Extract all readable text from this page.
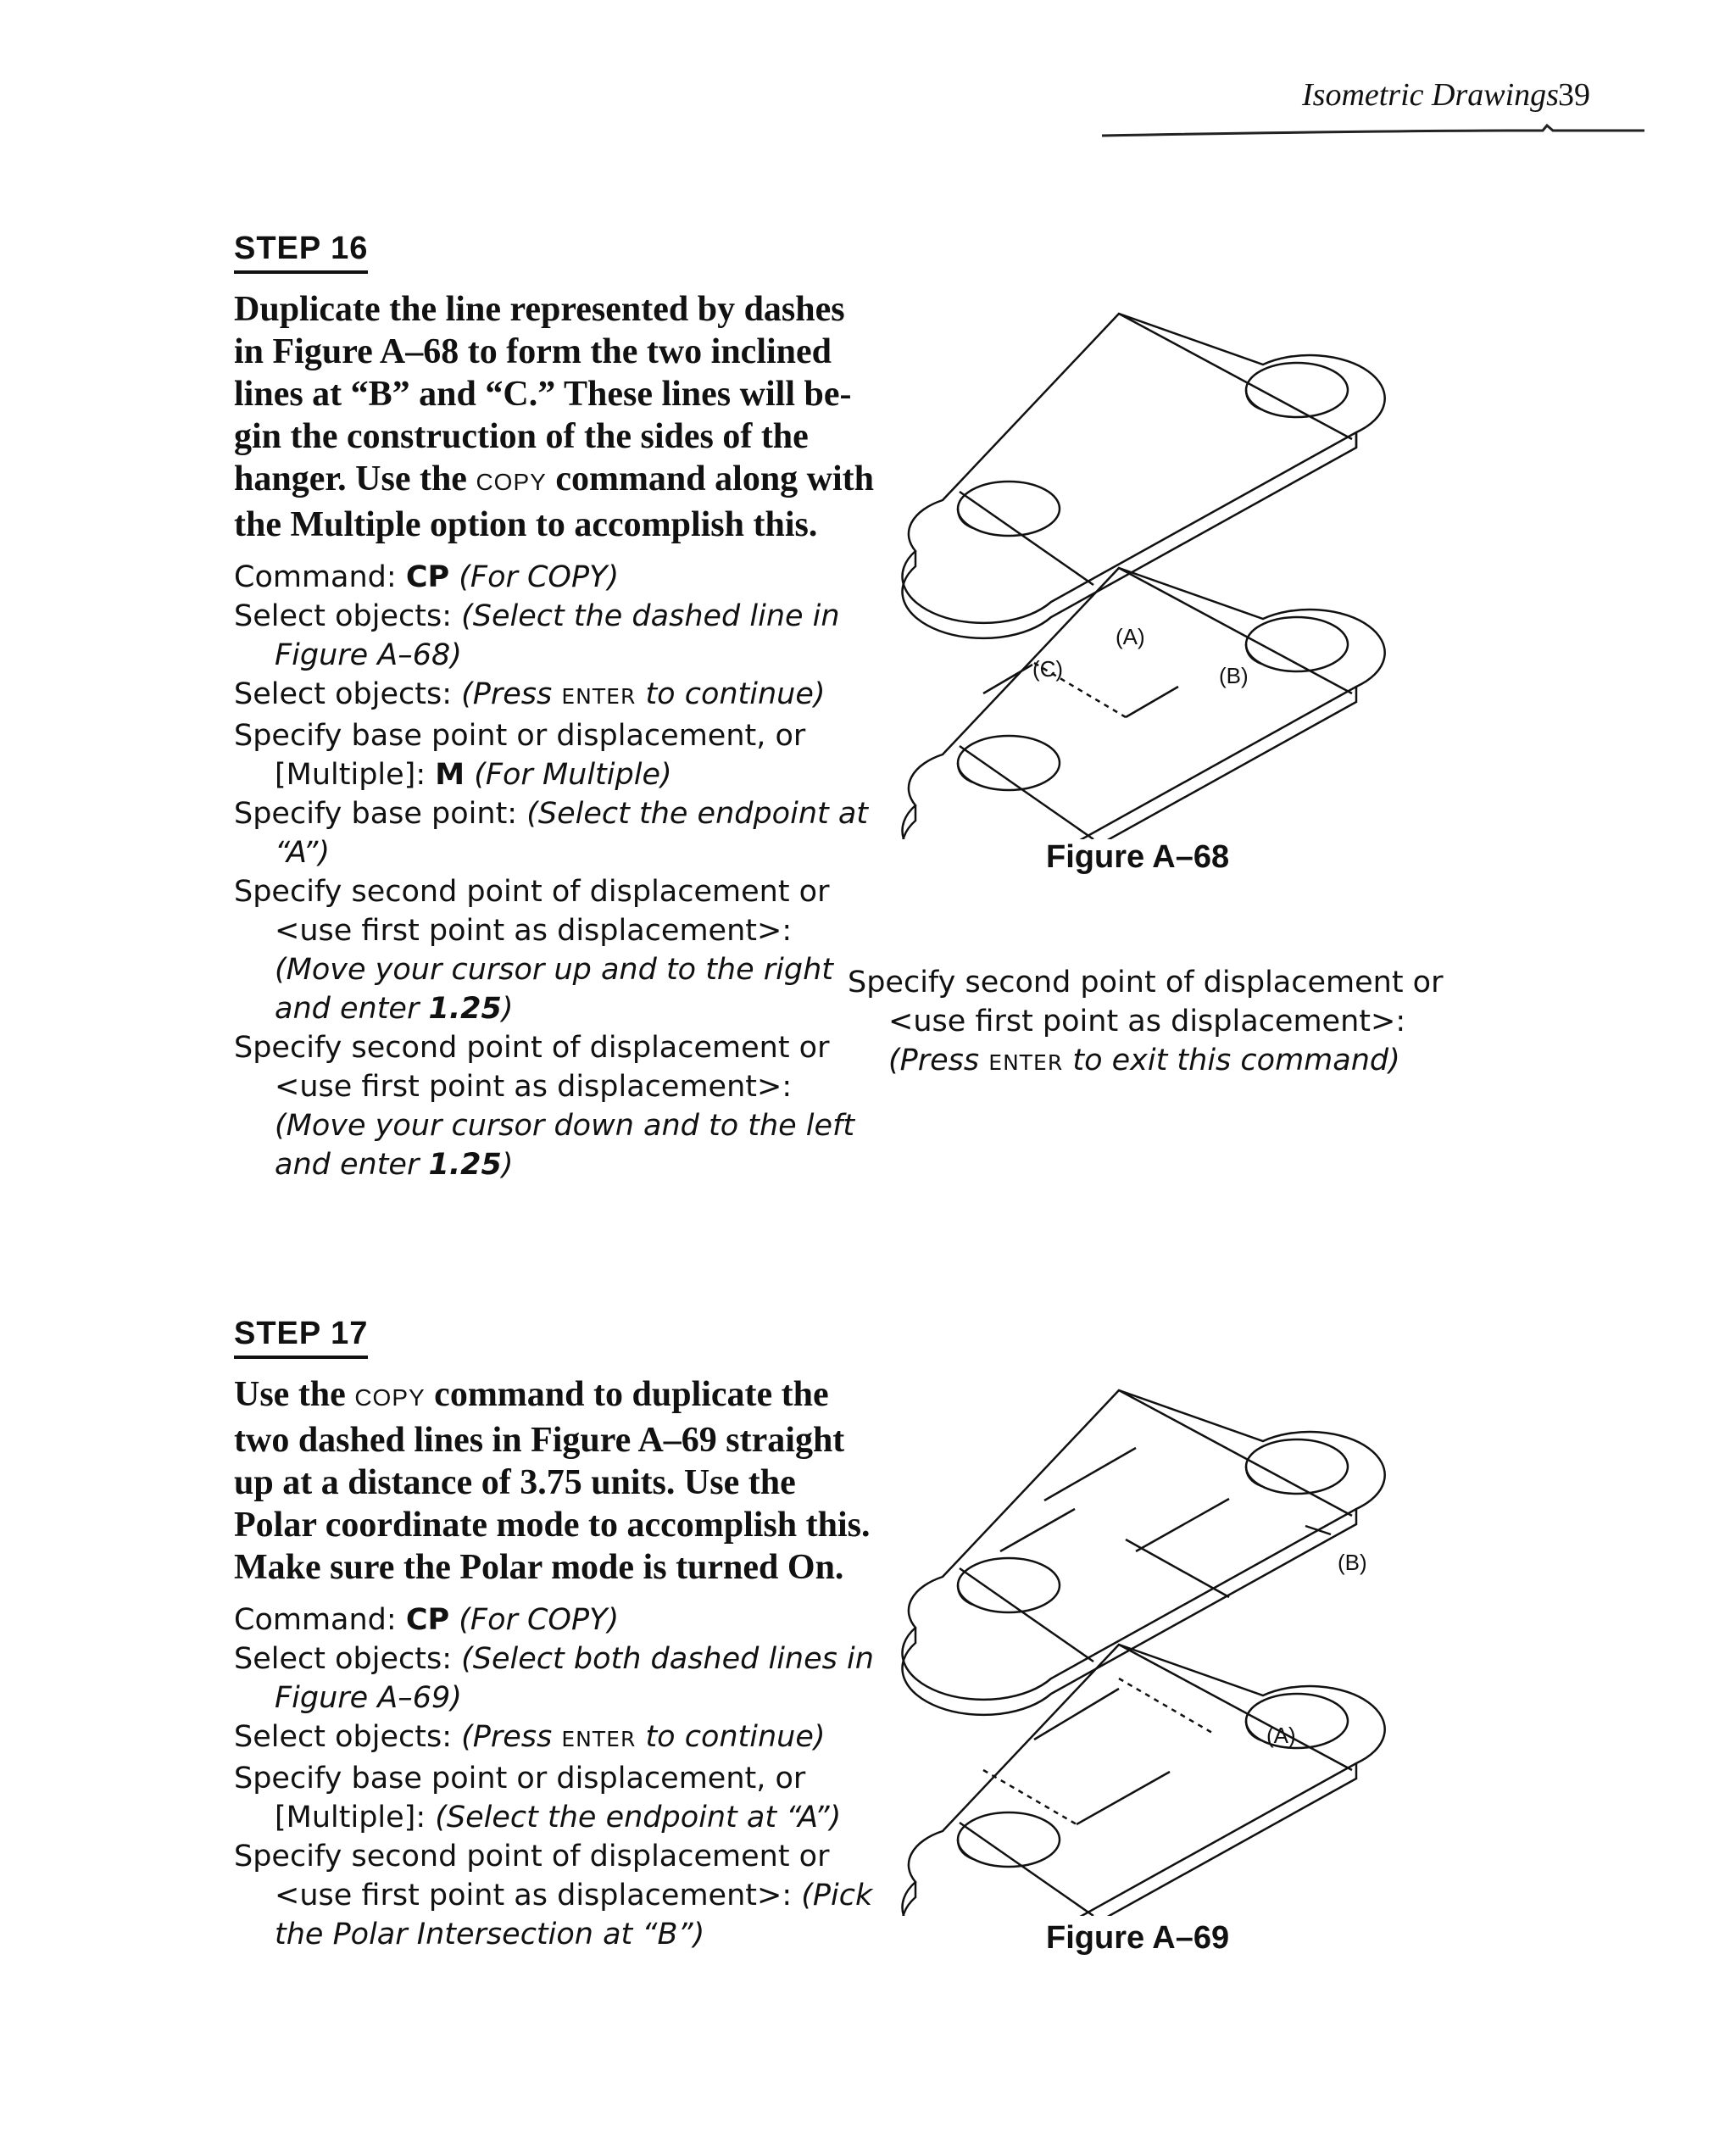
Isometric Drawings 39
STEP 16
Duplicate the line represented by dashes
in Figure A–68 to form the two inclined
lines at “B” and “C.” These lines will be-
gin the construction of the sides of the
hanger. Use the COPY command along with
the Multiple option to accomplish this.
Command: CP (For COPY)
Select objects: (Select the dashed line in
Figure A–68)
Select objects: (Press ENTER to continue)
Specify base point or displacement, or
[Multiple]: M (For Multiple)
Specify base point: (Select the endpoint at
“A”)
Specify second point of displacement or
<use first point as displacement>:
(Move your cursor up and to the right
and enter 1.25)
Specify second point of displacement or
<use first point as displacement>:
(Move your cursor down and to the left
and enter 1.25)
(A)
(C)	(B)
Figure A–68
Specify second point of displacement or
<use first point as displacement>:
(Press ENTER to exit this command)
STEP 17
Use the COPY command to duplicate the
two dashed lines in Figure A–69 straight
up at a distance of 3.75 units. Use the
Polar coordinate mode to accomplish this.
Make sure the Polar mode is turned On.
Command: CP (For COPY)
Select objects: (Select both dashed lines in
Figure A–69)
Select objects: (Press ENTER to continue)
Specify base point or displacement, or
[Multiple]: (Select the endpoint at “A”)
Specify second point of displacement or
<use first point as displacement>: (Pick
the Polar Intersection at “B”)
(B)
(A)
Figure A–69
